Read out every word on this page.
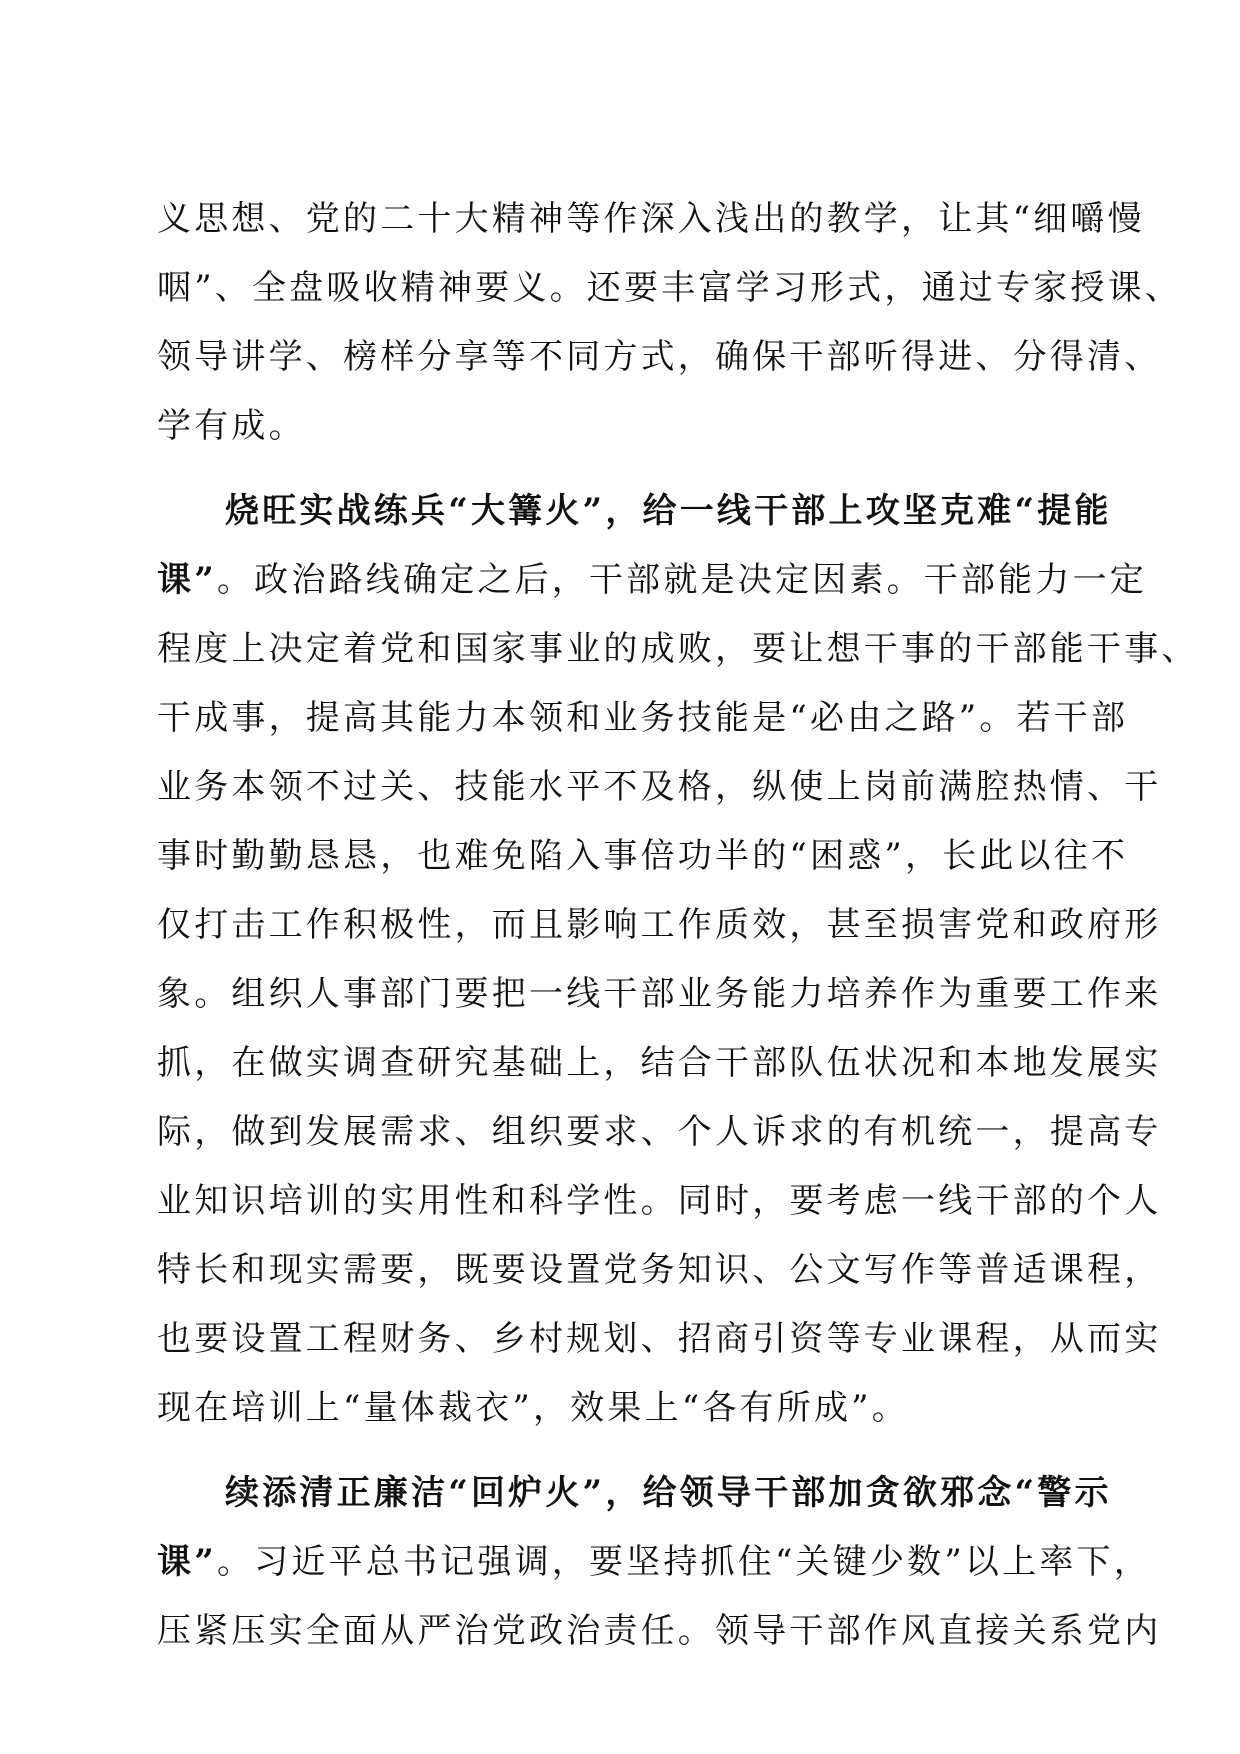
义思想、党的二十大精神等作深入浅出的教学，让其“细嚼慢
咽”、全盘吸收精神要义。还要丰富学习形式，通过专家授课、
领导讲学、榜样分享等不同方式，确保干部听得进、分得清、
学有成。
烧旺实战练兵“大篝火”，给一线干部上攻坚克难“提能
课”。政治路线确定之后，干部就是决定因素。干部能力一定
程度上决定着党和国家事业的成败，要让想干事的干部能干事、
干成事，提高其能力本领和业务技能是“必由之路”。若干部
业务本领不过关、技能水平不及格，纵使上岗前满腔热情、干
事时勤勤恳恳，也难免陷入事倍功半的“困惑”，长此以往不
仅打击工作积极性，而且影响工作质效，甚至损害党和政府形
象。组织人事部门要把一线干部业务能力培养作为重要工作来
抓，在做实调查研究基础上，结合干部队伍状况和本地发展实
际，做到发展需求、组织要求、个人诉求的有机统一，提高专
业知识培训的实用性和科学性。同时，要考虑一线干部的个人
特长和现实需要，既要设置党务知识、公文写作等普适课程，
也要设置工程财务、乡村规划、招商引资等专业课程，从而实
现在培训上“量体裁衣”，效果上“各有所成”。
续添清正廉洁“回炉火”，给领导干部加贪欲邪念“警示
课”。习近平总书记强调，要坚持抓住“关键少数”以上率下，
压紧压实全面从严治党政治责任。领导干部作风直接关系党内
